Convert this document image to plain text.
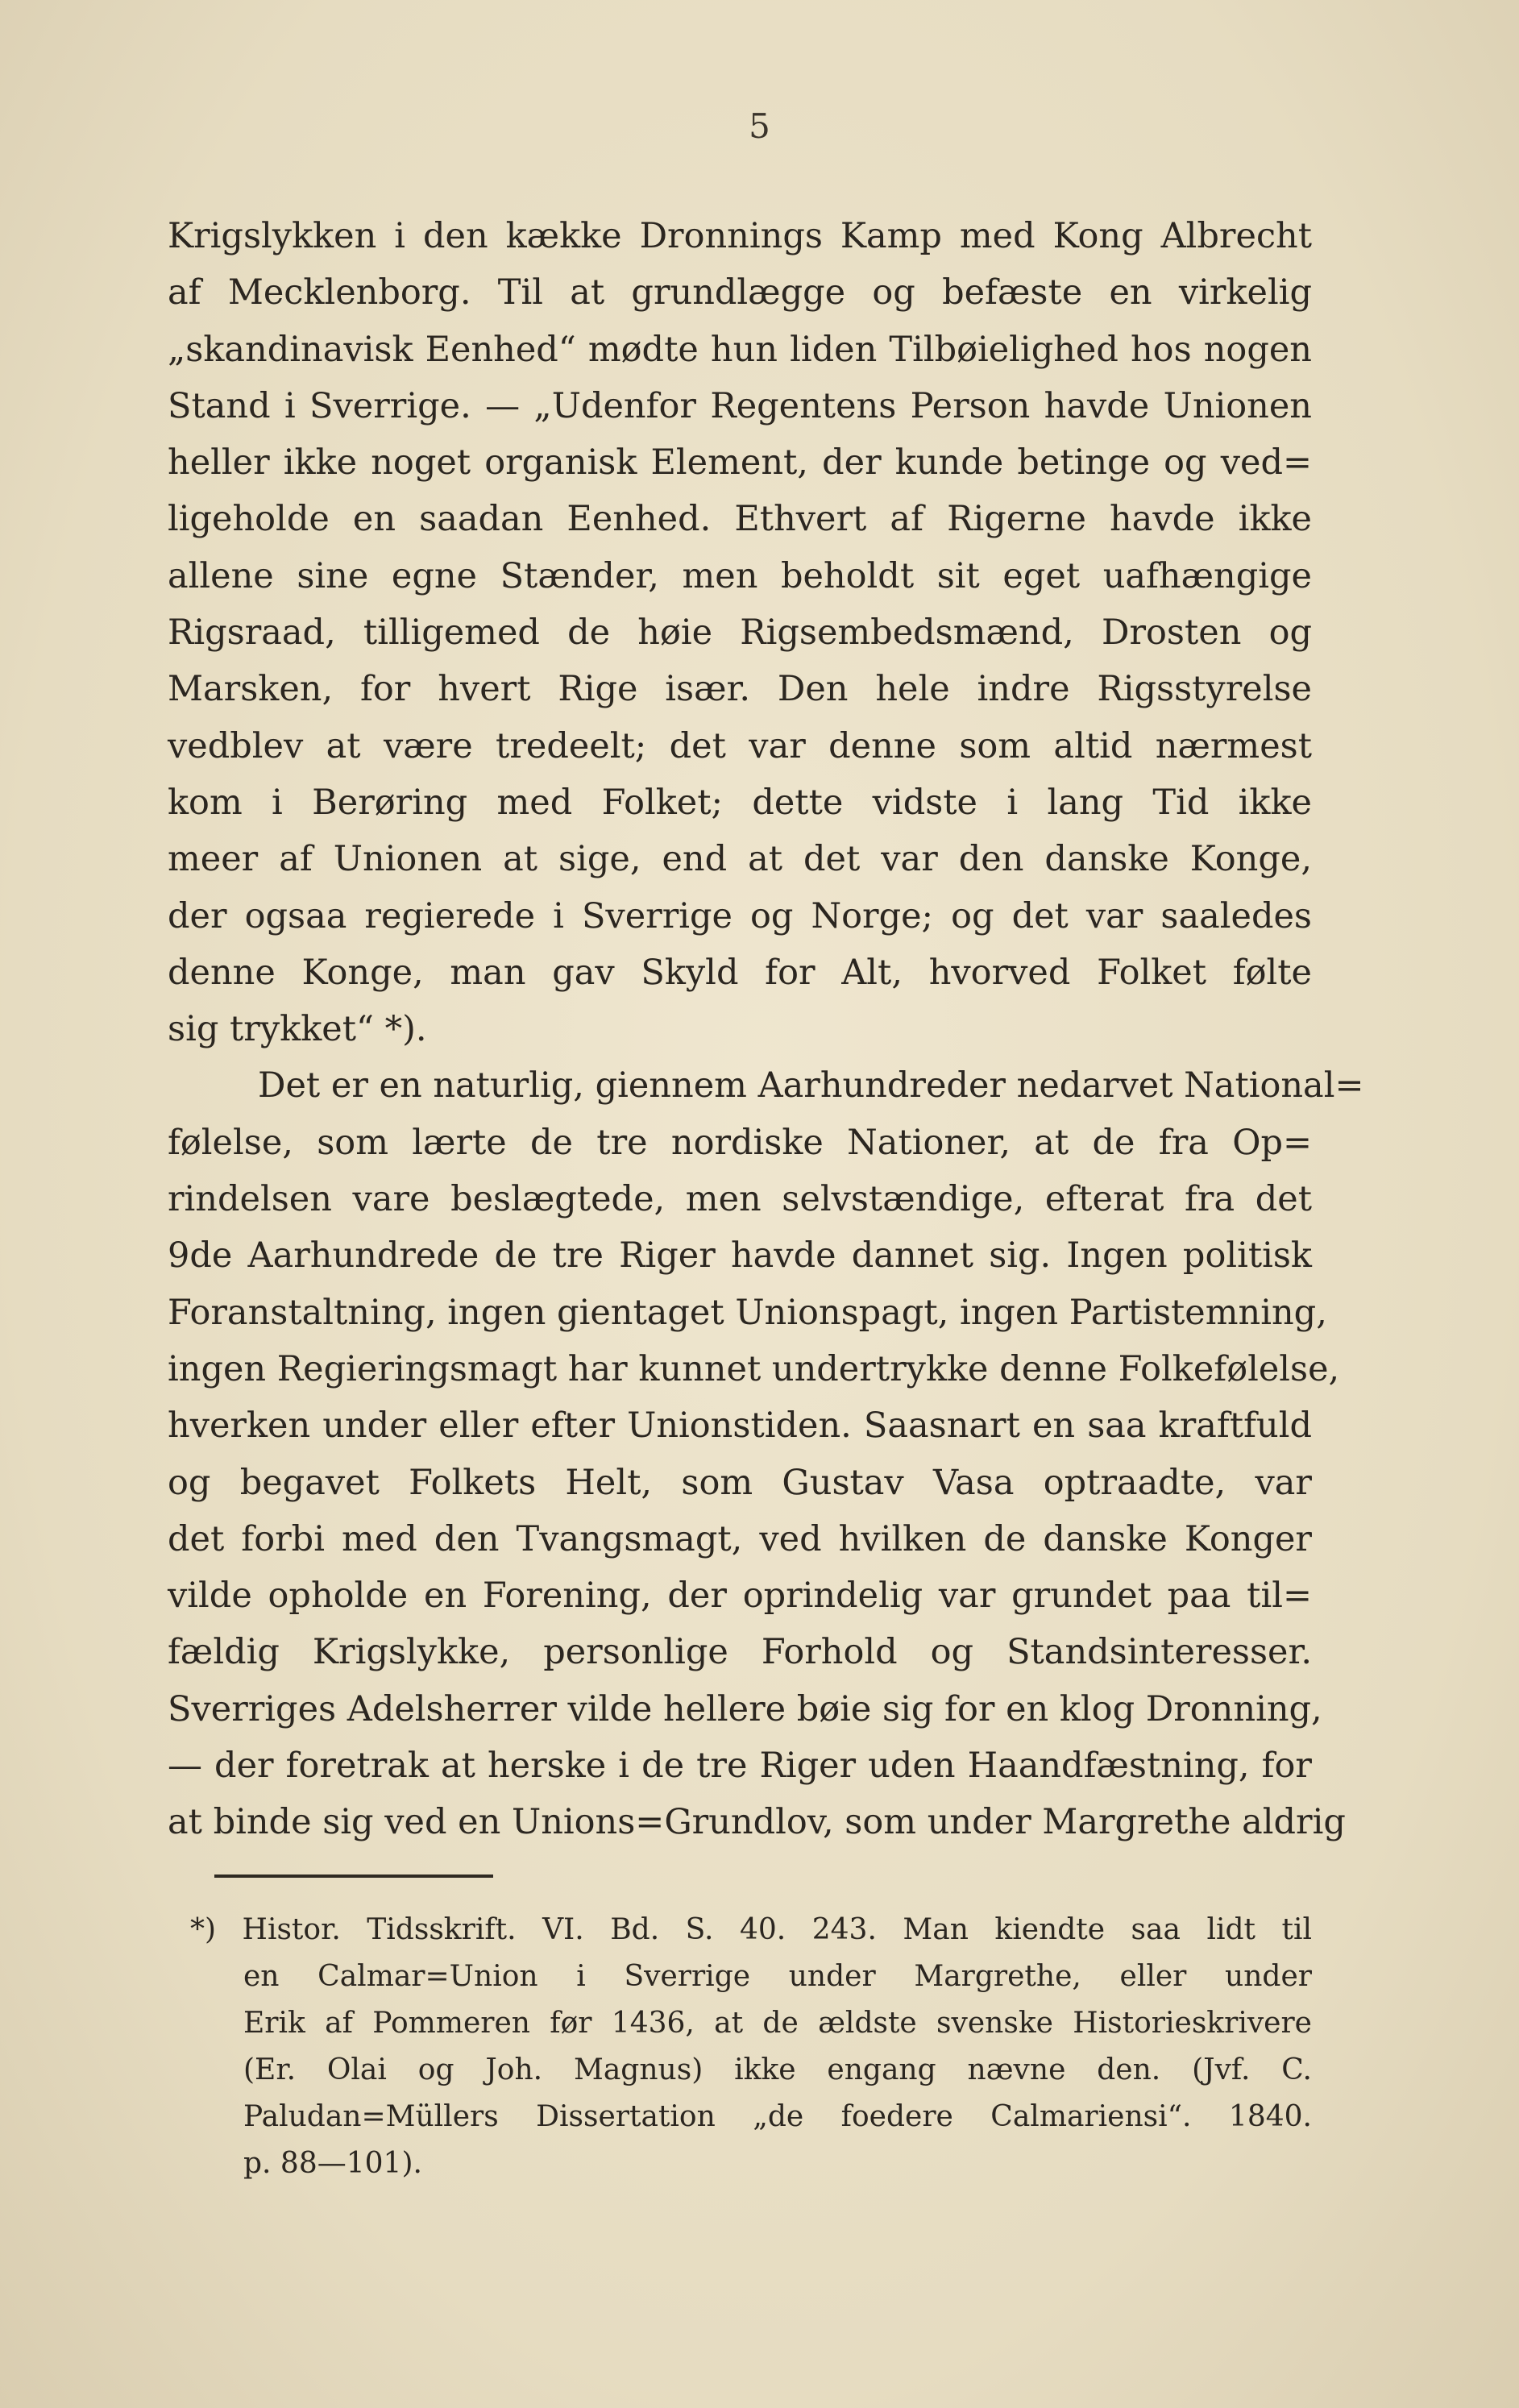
5
Krigslykken i den kække Dronnings Kamp med Kong Albrecht
af Mecklenborg. Til at grundlægge og befæste en virkelig
„skandinavisk Eenhed“ mødte hun liden Tilbøielighed hos nogen
Stand i Sverrige. — „Udenfor Regentens Person havde Unionen
heller ikke noget organisk Element, der kunde betinge og ved=
ligeholde en saadan Eenhed. Ethvert af Rigerne havde ikke
allene sine egne Stænder, men beholdt sit eget uafhængige
Rigsraad, tilligemed de høie Rigsembedsmænd, Drosten og
Marsken, for hvert Rige især. Den hele indre Rigsstyrelse
vedblev at være tredeelt; det var denne som altid nærmest
kom i Berøring med Folket; dette vidste i lang Tid ikke
meer af Unionen at sige, end at det var den danske Konge,
der ogsaa regierede i Sverrige og Norge; og det var saaledes
denne Konge, man gav Skyld for Alt, hvorved Folket følte
sig trykket“ *).
Det er en naturlig, giennem Aarhundreder nedarvet National=
følelse, som lærte de tre nordiske Nationer, at de fra Op=
rindelsen vare beslægtede, men selvstændige, efterat fra det
9de Aarhundrede de tre Riger havde dannet sig. Ingen politisk
Foranstaltning, ingen gientaget Unionspagt, ingen Partistemning,
ingen Regieringsmagt har kunnet undertrykke denne Folkefølelse,
hverken under eller efter Unionstiden. Saasnart en saa kraftfuld
og begavet Folkets Helt, som Gustav Vasa optraadte, var
det forbi med den Tvangsmagt, ved hvilken de danske Konger
vilde opholde en Forening, der oprindelig var grundet paa til=
fældig Krigslykke, personlige Forhold og Standsinteresser.
Sverriges Adelsherrer vilde hellere bøie sig for en klog Dronning,
— der foretrak at herske i de tre Riger uden Haandfæstning, for
at binde sig ved en Unions=Grundlov, som under Margrethe aldrig
*) Histor. Tidsskrift. VI. Bd. S. 40. 243. Man kiendte saa lidt til
en Calmar=Union i Sverrige under Margrethe, eller under
Erik af Pommeren før 1436, at de ældste svenske Historieskrivere
(Er. Olai og Joh. Magnus) ikke engang nævne den. (Jvf. C.
Paludan=Müllers Dissertation „de foedere Calmariensi“. 1840.
p. 88—101).
